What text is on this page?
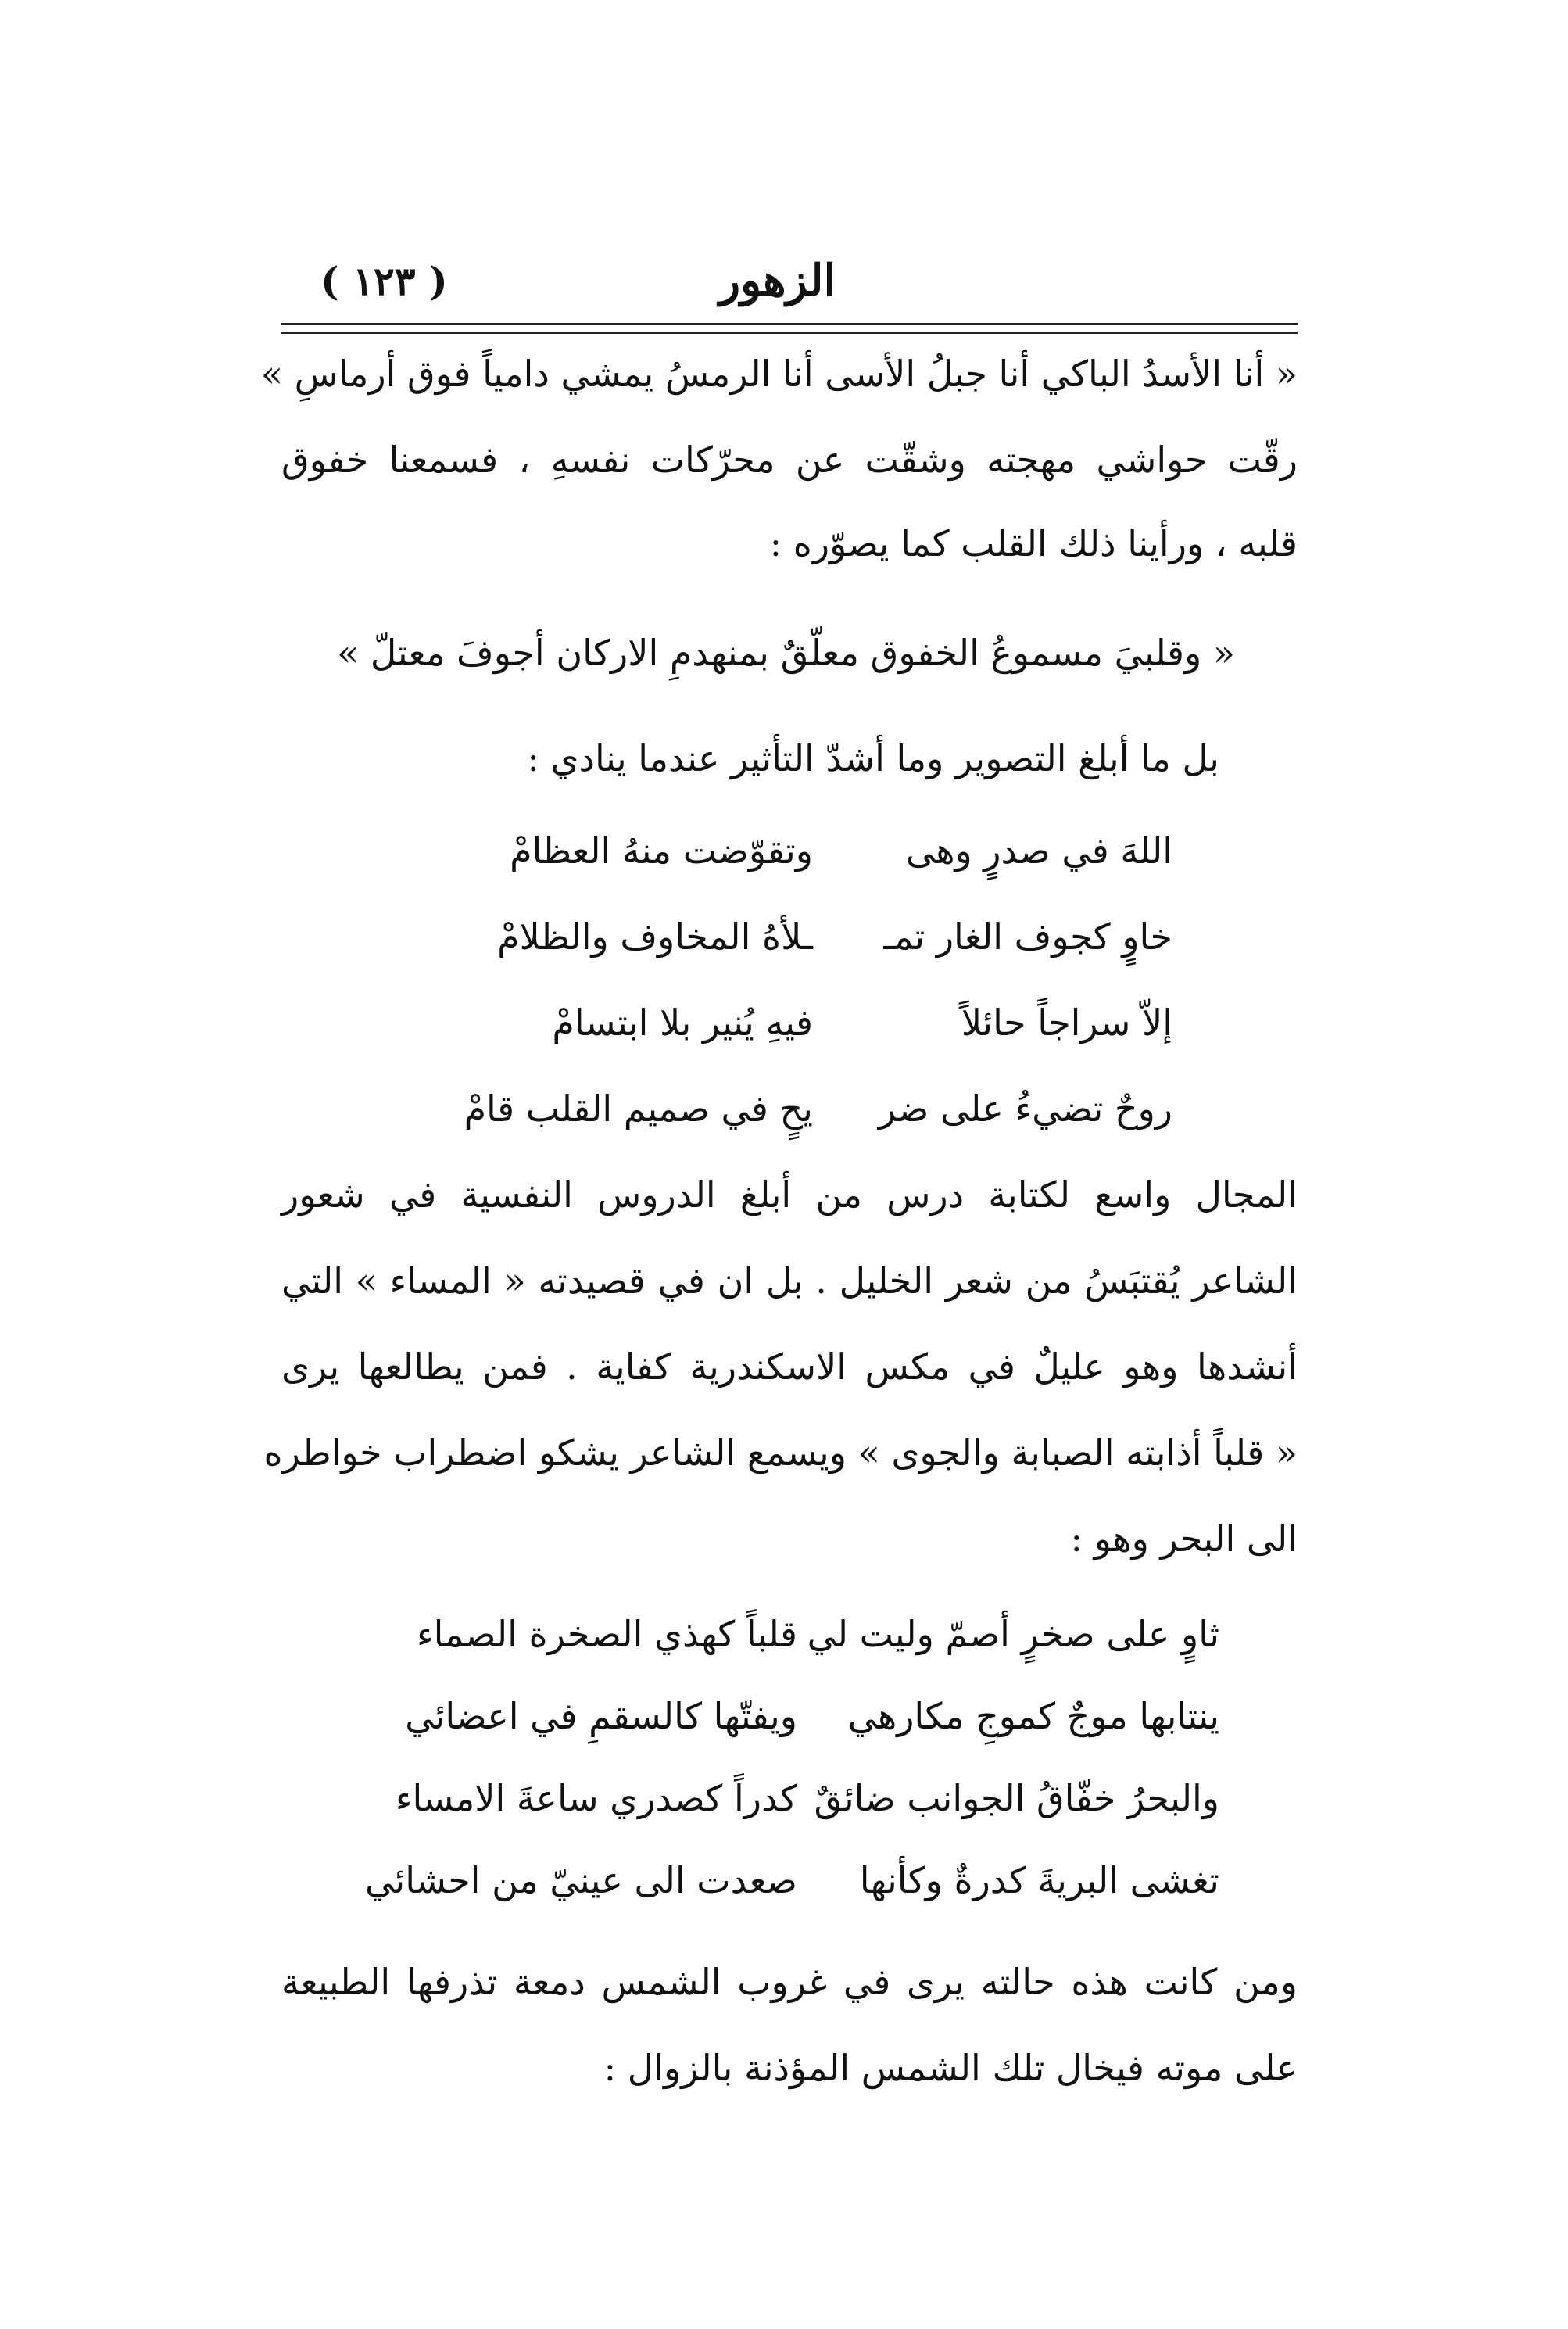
( ١٢٣ )	الزهور
« أنا الأسدُ الباكي أنا جبلُ الأسى أنا الرمسُ يمشي دامياً فوق أرماسِ »
رقّت حواشي مهجته وشقّت عن محرّكات نفسهِ ، فسمعنا خفوق
قلبه ، ورأينا ذلك القلب كما يصوّره :
« وقلبيَ مسموعُ الخفوق معلّقٌ بمنهدمِ الاركان أجوفَ معتلّ »
بل ما أبلغ التصوير وما أشدّ التأثير عندما ينادي :
اللهَ في صدرٍ وهى
وتقوّضت منهُ العظامْ
خاوٍ كجوف الغار تمـ
ـلأهُ المخاوف والظلامْ
إلاّ سراجاً حائلاً
فيهِ يُنير بلا ابتسامْ
روحٌ تضيءُ على ضر
يحٍ في صميم القلب قامْ
المجال واسع لكتابة درس من أبلغ الدروس النفسية في شعور
الشاعر يُقتبَسُ من شعر الخليل . بل ان في قصيدته « المساء » التي
أنشدها وهو عليلٌ في مكس الاسكندرية كفاية . فمن يطالعها يرى
« قلباً أذابته الصبابة والجوى » ويسمع الشاعر يشكو اضطراب خواطره
الى البحر وهو :
ثاوٍ على صخرٍ أصمّ وليت لي
قلباً كهذي الصخرة الصماء
ينتابها موجٌ كموجِ مكارهي
ويفتّها كالسقمِ في اعضائي
والبحرُ خفّاقُ الجوانب ضائقٌ
كدراً كصدري ساعةَ الامساء
تغشى البريةَ كدرةٌ وكأنها
صعدت الى عينيّ من احشائي
ومن كانت هذه حالته يرى في غروب الشمس دمعة تذرفها الطبيعة
على موته فيخال تلك الشمس المؤذنة بالزوال :
